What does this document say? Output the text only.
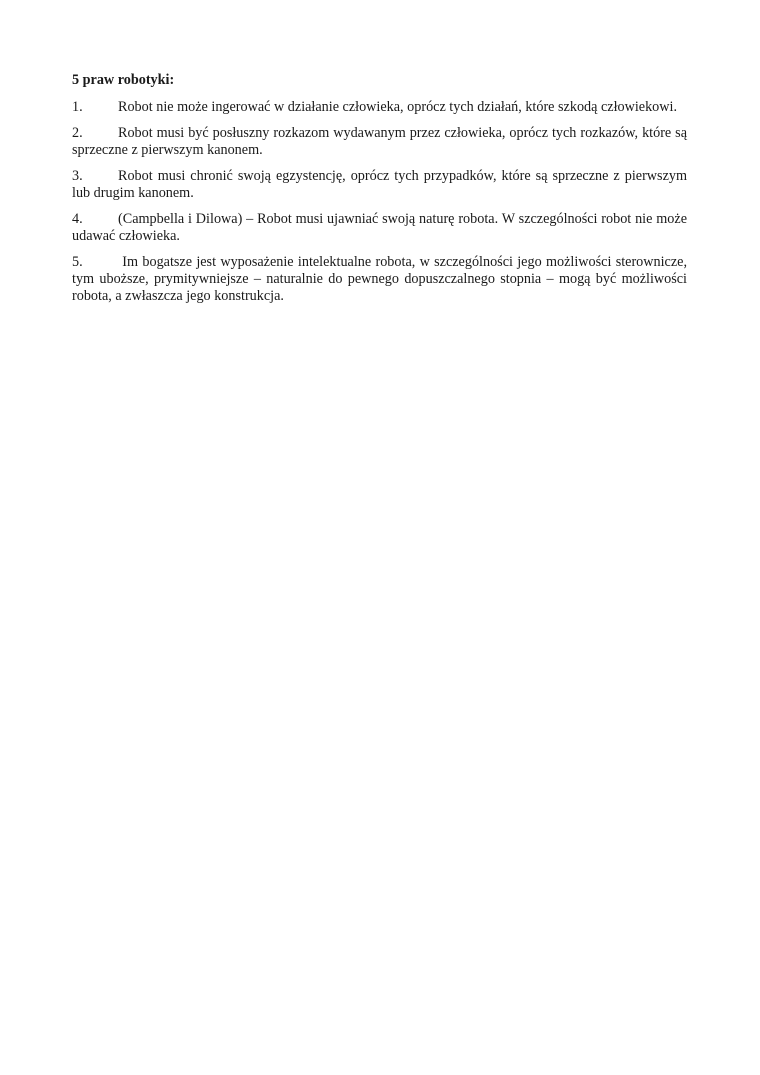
5 praw robotyki:

1. Robot nie może ingerować w działanie człowieka, oprócz tych działań, które szkodą człowiekowi.

2. Robot musi być posłuszny rozkazom wydawanym przez człowieka, oprócz tych rozkazów, które są sprzeczne z pierwszym kanonem.

3. Robot musi chronić swoją egzystencję, oprócz tych przypadków, które są sprzeczne z pierwszym lub drugim kanonem.

4. (Campbella i Dilowa) – Robot musi ujawniać swoją naturę robota. W szczególności robot nie może udawać człowieka.

5. Im bogatsze jest wyposażenie intelektualne robota, w szczególności jego możliwości sterownicze, tym uboższe, prymitywniejsze – naturalnie do pewnego dopuszczalnego stopnia – mogą być możliwości robota, a zwłaszcza jego konstrukcja.
